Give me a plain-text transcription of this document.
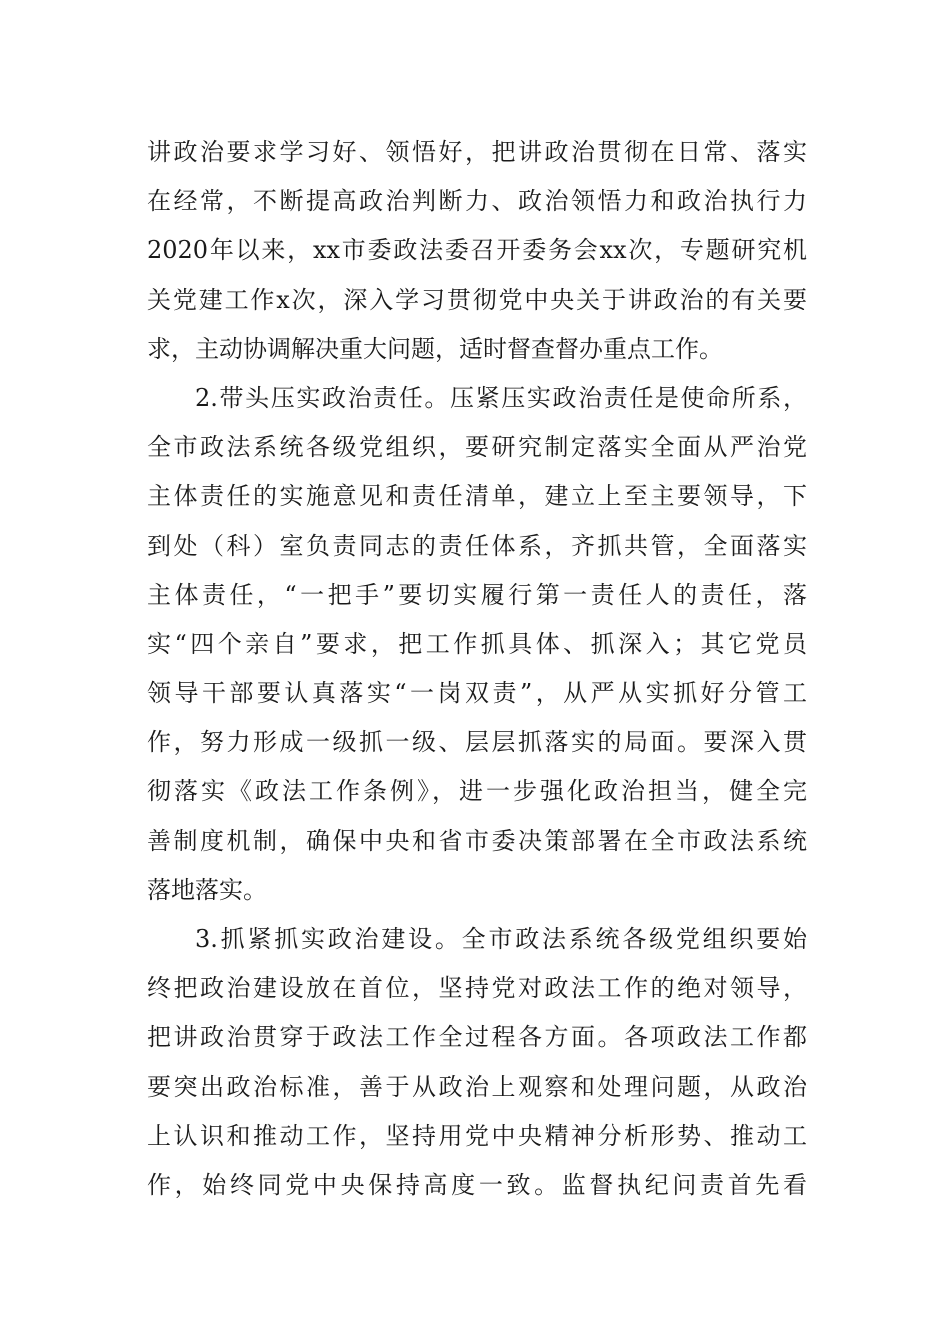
讲政治要求学习好、领悟好，把讲政治贯彻在日常、落实
在经常，不断提高政治判断力、政治领悟力和政治执行力
2020年以来，xx市委政法委召开委务会xx次，专题研究机
关党建工作x次，深入学习贯彻党中央关于讲政治的有关要
求，主动协调解决重大问题，适时督查督办重点工作。
2.带头压实政治责任。压紧压实政治责任是使命所系，
全市政法系统各级党组织，要研究制定落实全面从严治党
主体责任的实施意见和责任清单，建立上至主要领导，下
到处（科）室负责同志的责任体系，齐抓共管，全面落实
主体责任，“一把手”要切实履行第一责任人的责任，落
实“四个亲自”要求，把工作抓具体、抓深入；其它党员
领导干部要认真落实“一岗双责”，从严从实抓好分管工
作，努力形成一级抓一级、层层抓落实的局面。要深入贯
彻落实《政法工作条例》，进一步强化政治担当，健全完
善制度机制，确保中央和省市委决策部署在全市政法系统
落地落实。
3.抓紧抓实政治建设。全市政法系统各级党组织要始
终把政治建设放在首位，坚持党对政法工作的绝对领导，
把讲政治贯穿于政法工作全过程各方面。各项政法工作都
要突出政治标准，善于从政治上观察和处理问题，从政治
上认识和推动工作，坚持用党中央精神分析形势、推动工
作，始终同党中央保持高度一致。监督执纪问责首先看
